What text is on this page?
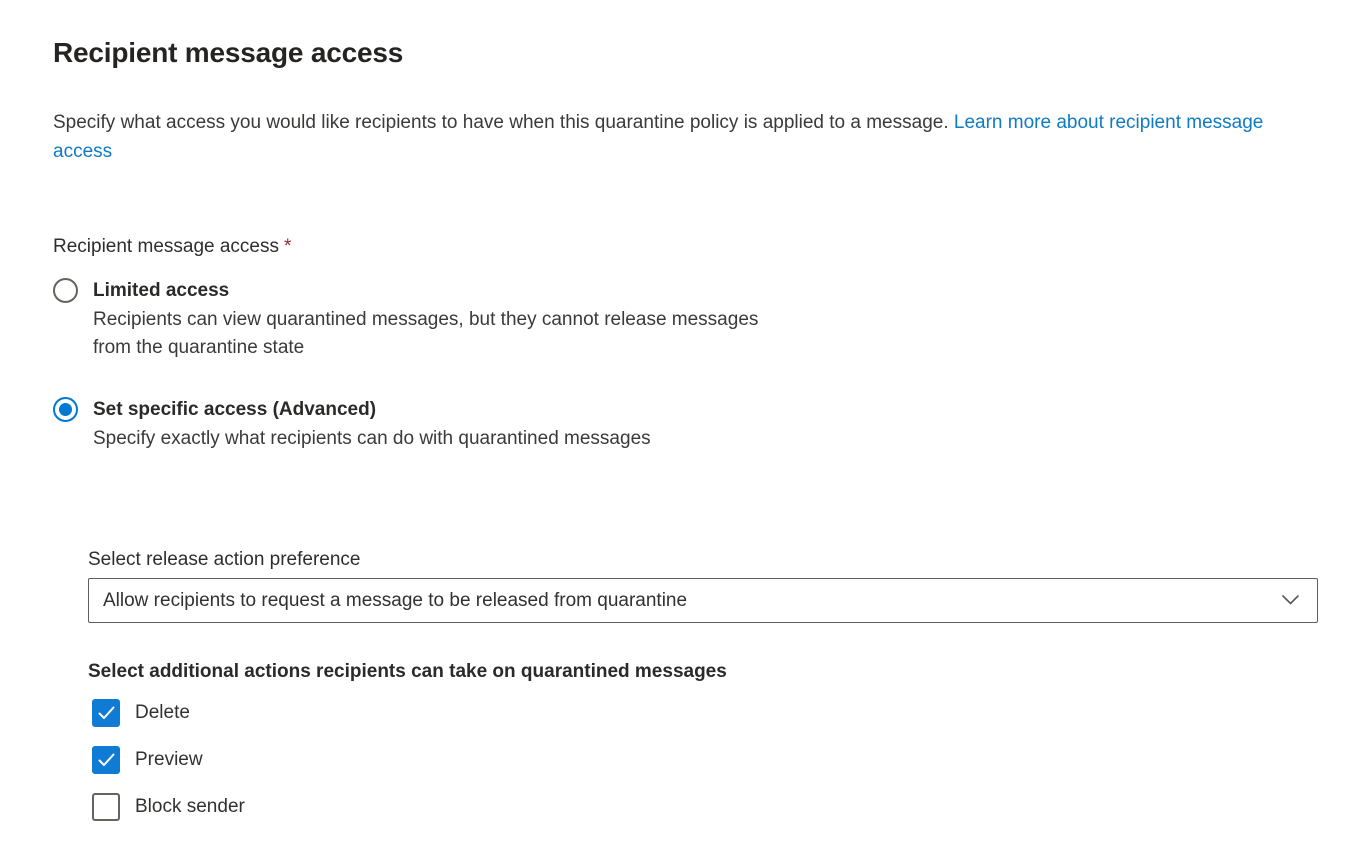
Recipient message access

Specify what access you would like recipients to have when this quarantine policy is applied to a message. Learn more about recipient message access

Recipient message access *
Limited access
Recipients can view quarantined messages, but they cannot release messages from the quarantine state
Set specific access (Advanced)
Specify exactly what recipients can do with quarantined messages
Select release action preference
Allow recipients to request a message to be released from quarantine
Select additional actions recipients can take on quarantined messages
Delete
Preview
Block sender
